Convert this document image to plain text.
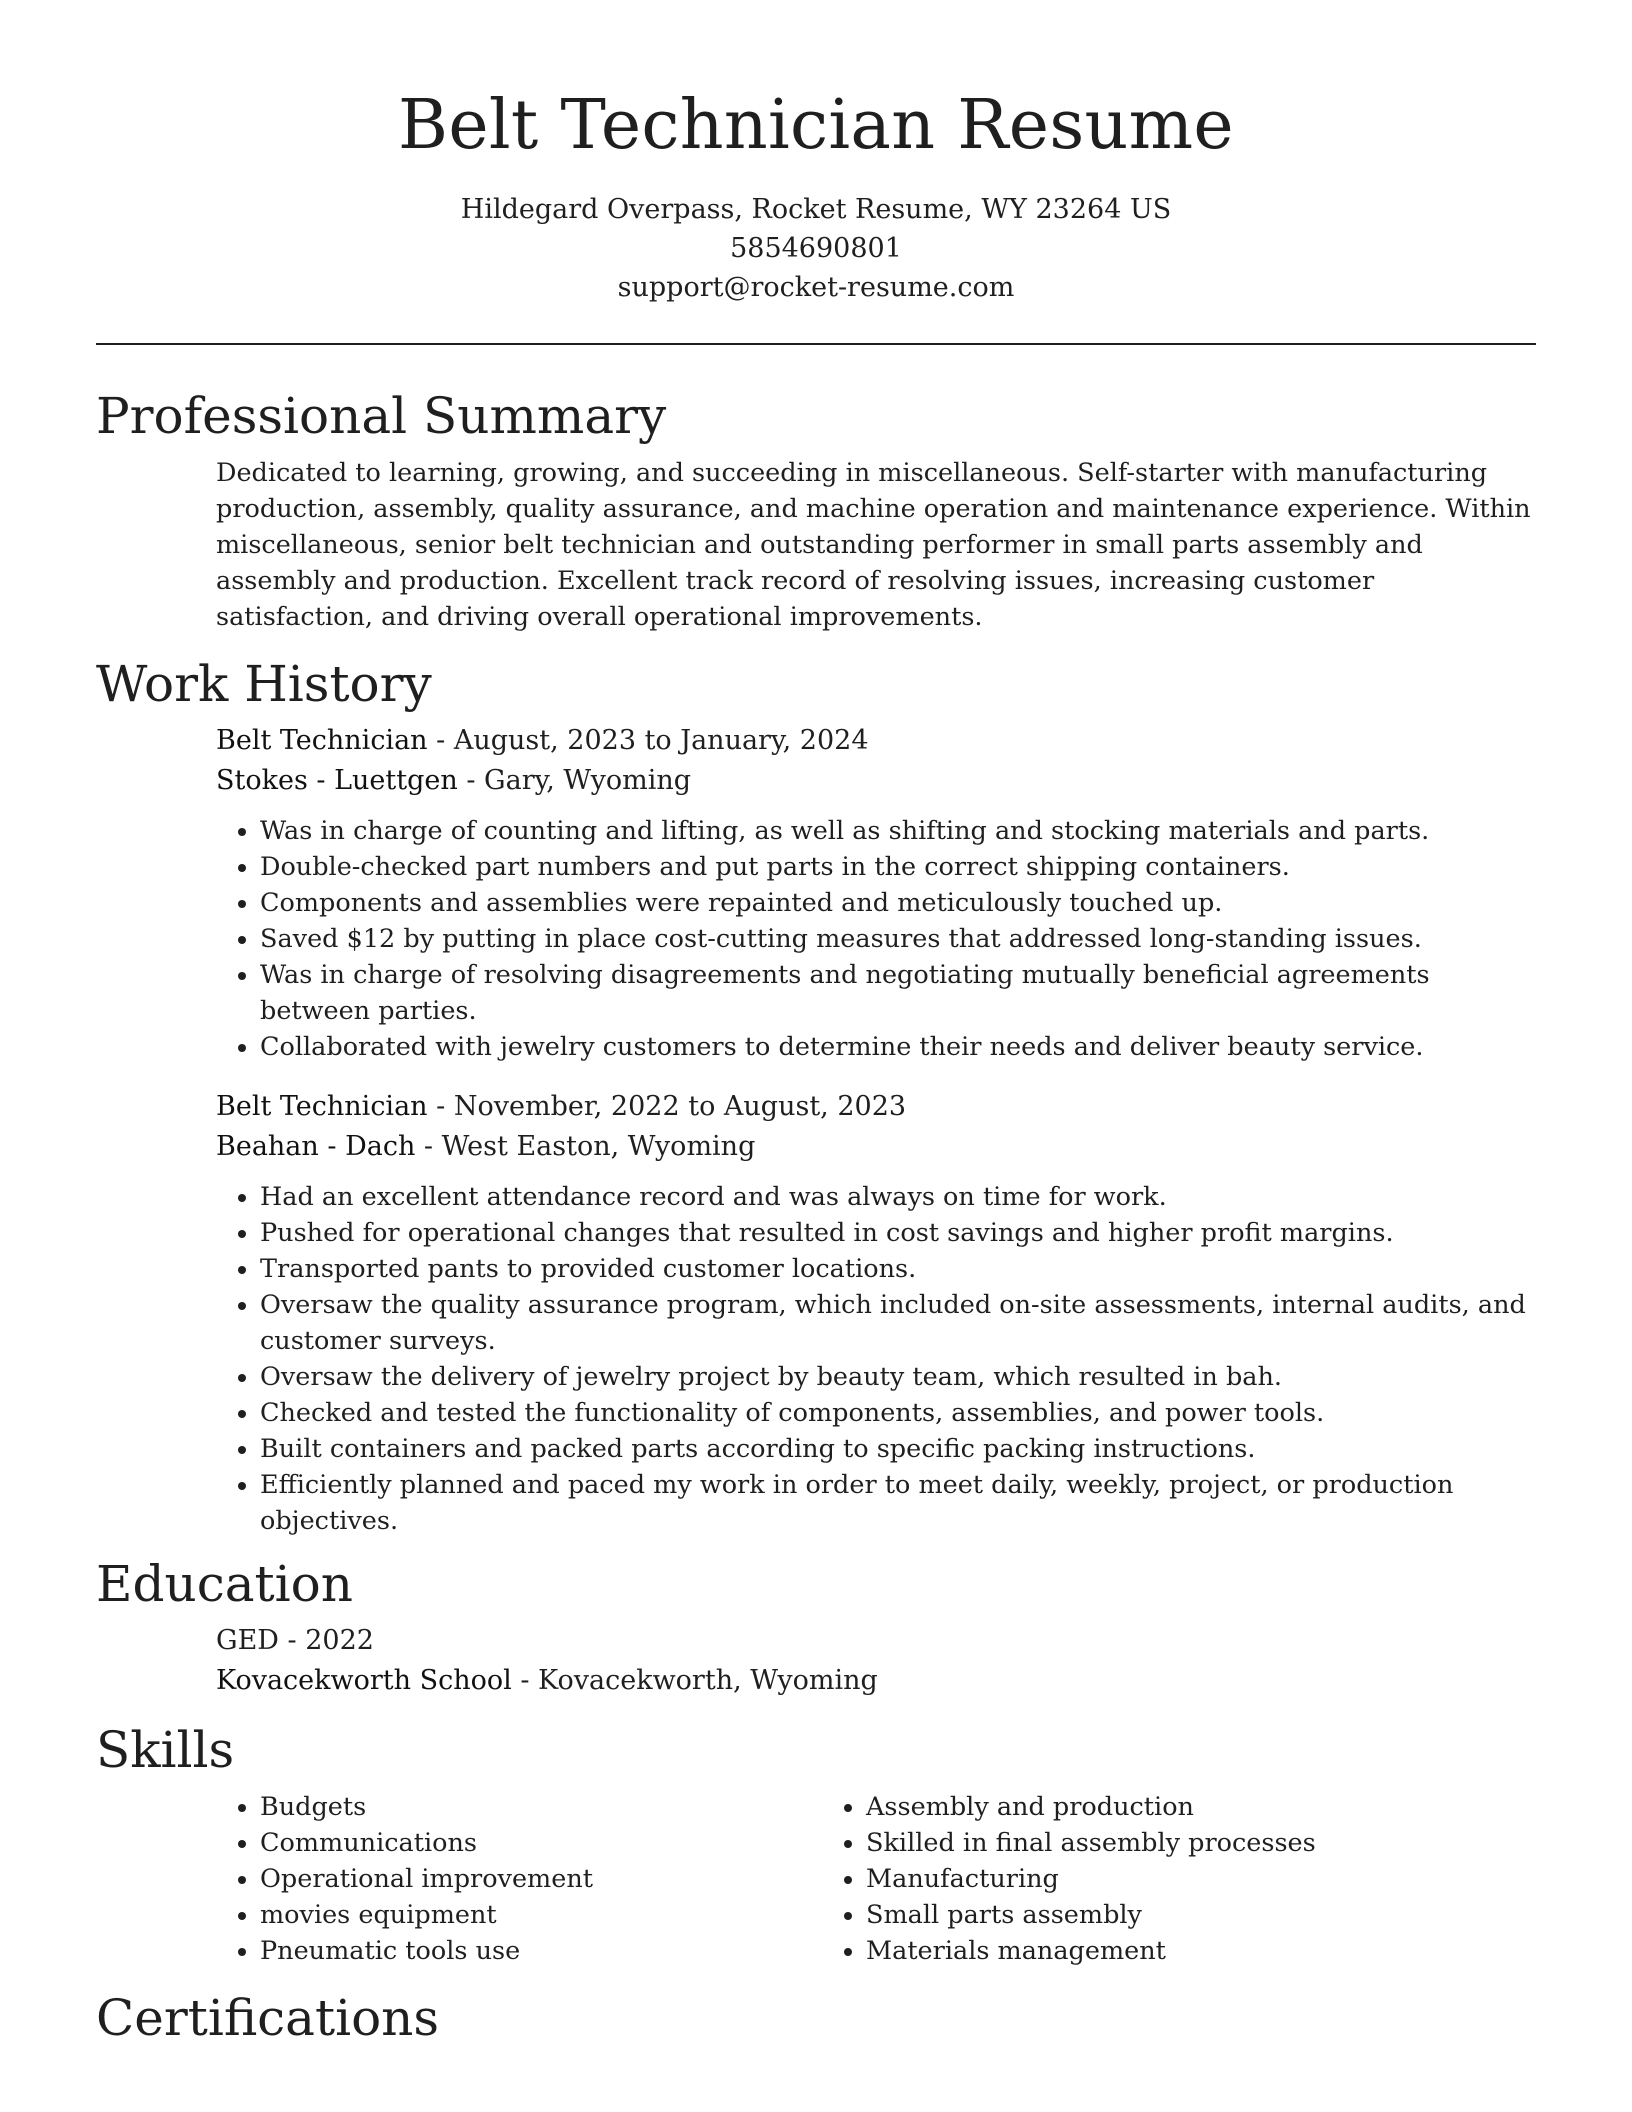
Belt Technician Resume
Hildegard Overpass, Rocket Resume, WY 23264 US
5854690801
support@rocket-resume.com
Professional Summary

Dedicated to learning, growing, and succeeding in miscellaneous. Self-starter with manufacturing production, assembly, quality assurance, and machine operation and maintenance experience. Within miscellaneous, senior belt technician and outstanding performer in small parts assembly and assembly and production. Excellent track record of resolving issues, increasing customer satisfaction, and driving overall operational improvements.

Work History
Belt Technician - August, 2023 to January, 2024
Stokes - Luettgen - Gary, Wyoming
• Was in charge of counting and lifting, as well as shifting and stocking materials and parts.
• Double-checked part numbers and put parts in the correct shipping containers.
• Components and assemblies were repainted and meticulously touched up.
• Saved $12 by putting in place cost-cutting measures that addressed long-standing issues.
• Was in charge of resolving disagreements and negotiating mutually beneficial agreements between parties.
• Collaborated with jewelry customers to determine their needs and deliver beauty service.
Belt Technician - November, 2022 to August, 2023
Beahan - Dach - West Easton, Wyoming
• Had an excellent attendance record and was always on time for work.
• Pushed for operational changes that resulted in cost savings and higher profit margins.
• Transported pants to provided customer locations.
• Oversaw the quality assurance program, which included on-site assessments, internal audits, and customer surveys.
• Oversaw the delivery of jewelry project by beauty team, which resulted in bah.
• Checked and tested the functionality of components, assemblies, and power tools.
• Built containers and packed parts according to specific packing instructions.
• Efficiently planned and paced my work in order to meet daily, weekly, project, or production objectives.
Education
GED - 2022
Kovacekworth School - Kovacekworth, Wyoming
Skills
• Budgets
• Communications
• Operational improvement
• movies equipment
• Pneumatic tools use
• Assembly and production
• Skilled in final assembly processes
• Manufacturing
• Small parts assembly
• Materials management
Certifications
